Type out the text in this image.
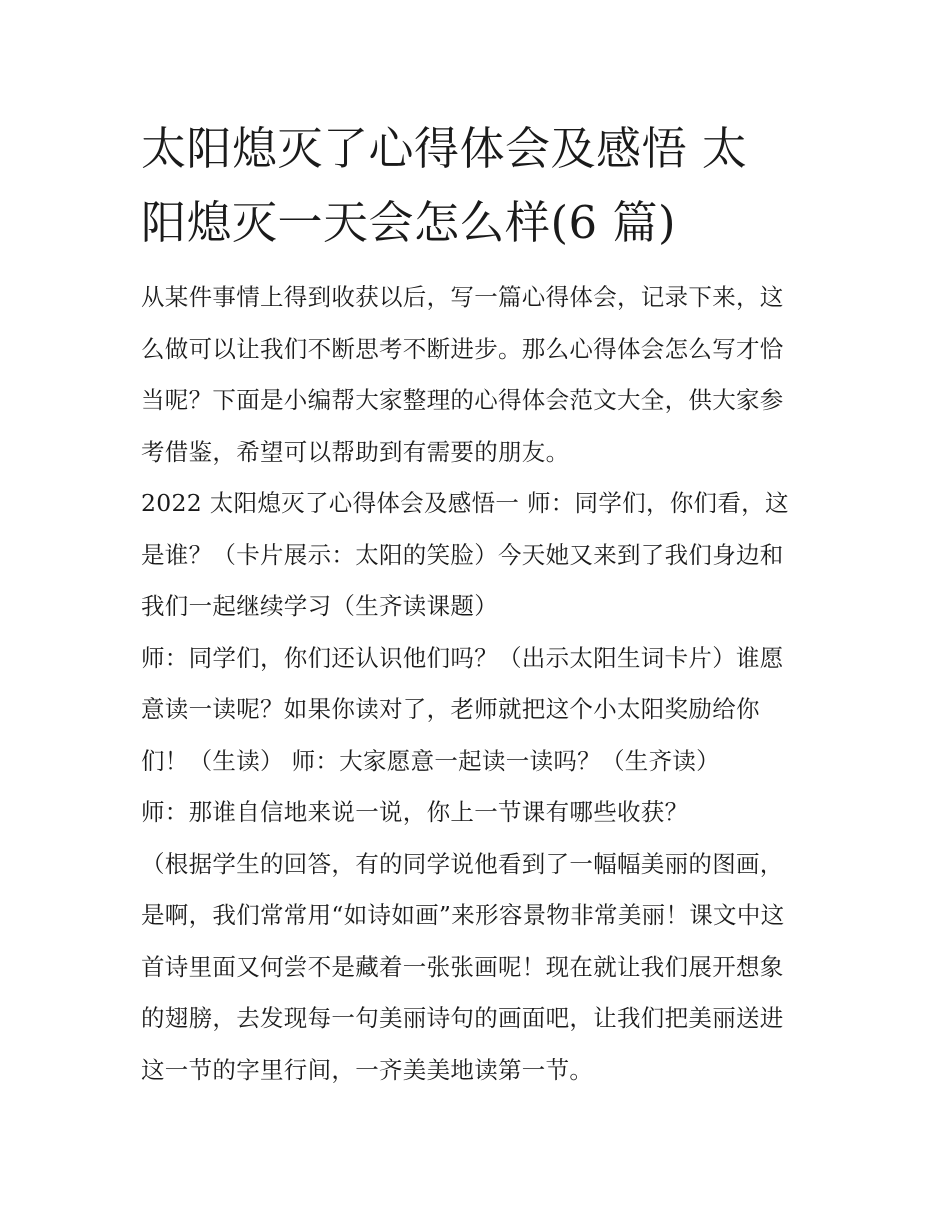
太阳熄灭了心得体会及感悟 太
阳熄灭一天会怎么样(6 篇)
从某件事情上得到收获以后，写一篇心得体会，记录下来，这
么做可以让我们不断思考不断进步。那么心得体会怎么写才恰
当呢？下面是小编帮大家整理的心得体会范文大全，供大家参
考借鉴，希望可以帮助到有需要的朋友。
2022 太阳熄灭了心得体会及感悟一 师：同学们，你们看，这
是谁？（卡片展示：太阳的笑脸）今天她又来到了我们身边和
我们一起继续学习（生齐读课题）
师：同学们，你们还认识他们吗？（出示太阳生词卡片）谁愿
意读一读呢？如果你读对了，老师就把这个小太阳奖励给你
们！（生读） 师：大家愿意一起读一读吗？（生齐读）
师：那谁自信地来说一说，你上一节课有哪些收获？
（根据学生的回答，有的同学说他看到了一幅幅美丽的图画，
是啊，我们常常用“如诗如画”来形容景物非常美丽！课文中这
首诗里面又何尝不是藏着一张张画呢！现在就让我们展开想象
的翅膀，去发现每一句美丽诗句的画面吧，让我们把美丽送进
这一节的字里行间，一齐美美地读第一节。
